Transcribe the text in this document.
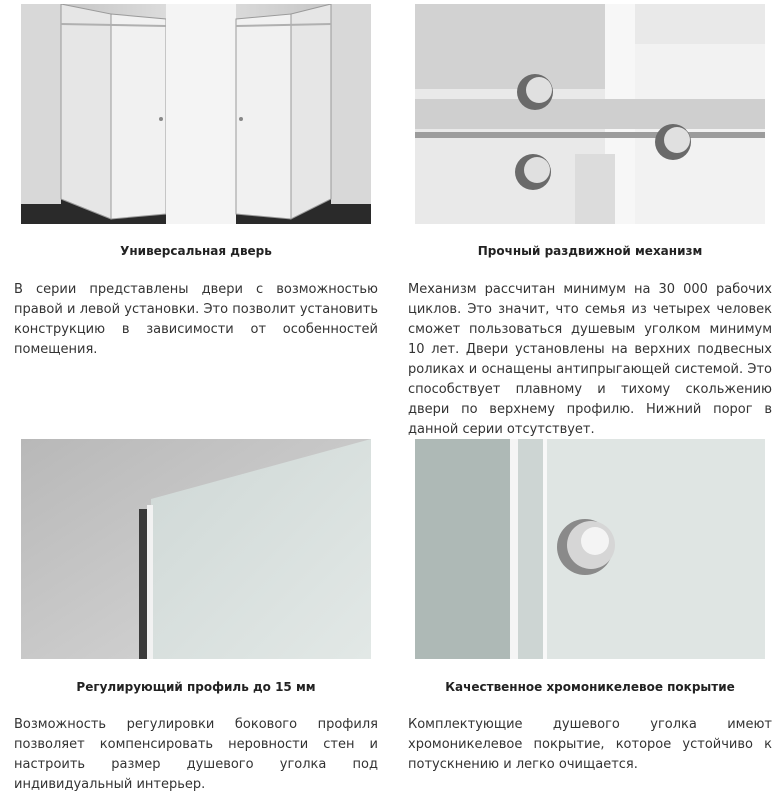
Универсальная дверь
В серии представлены двери с возможностью правой и левой установки. Это позволит установить конструкцию в зависимости от особенностей помещения.
Прочный раздвижной механизм
Механизм рассчитан минимум на 30 000 рабочих циклов. Это значит, что семья из четырех человек сможет пользоваться душевым уголком минимум 10 лет. Двери установлены на верхних подвесных роликах и оснащены антипрыгающей системой. Это способствует плавному и тихому скольжению двери по верхнему профилю. Нижний порог в данной серии отсутствует.
Регулирующий профиль до 15 мм
Возможность регулировки бокового профиля позволяет компенсировать неровности стен и настроить размер душевого уголка под индивидуальный интерьер.
Качественное хромоникелевое покрытие
Комплектующие душевого уголка имеют хромоникелевое покрытие, которое устойчиво к потускнению и легко очищается.
